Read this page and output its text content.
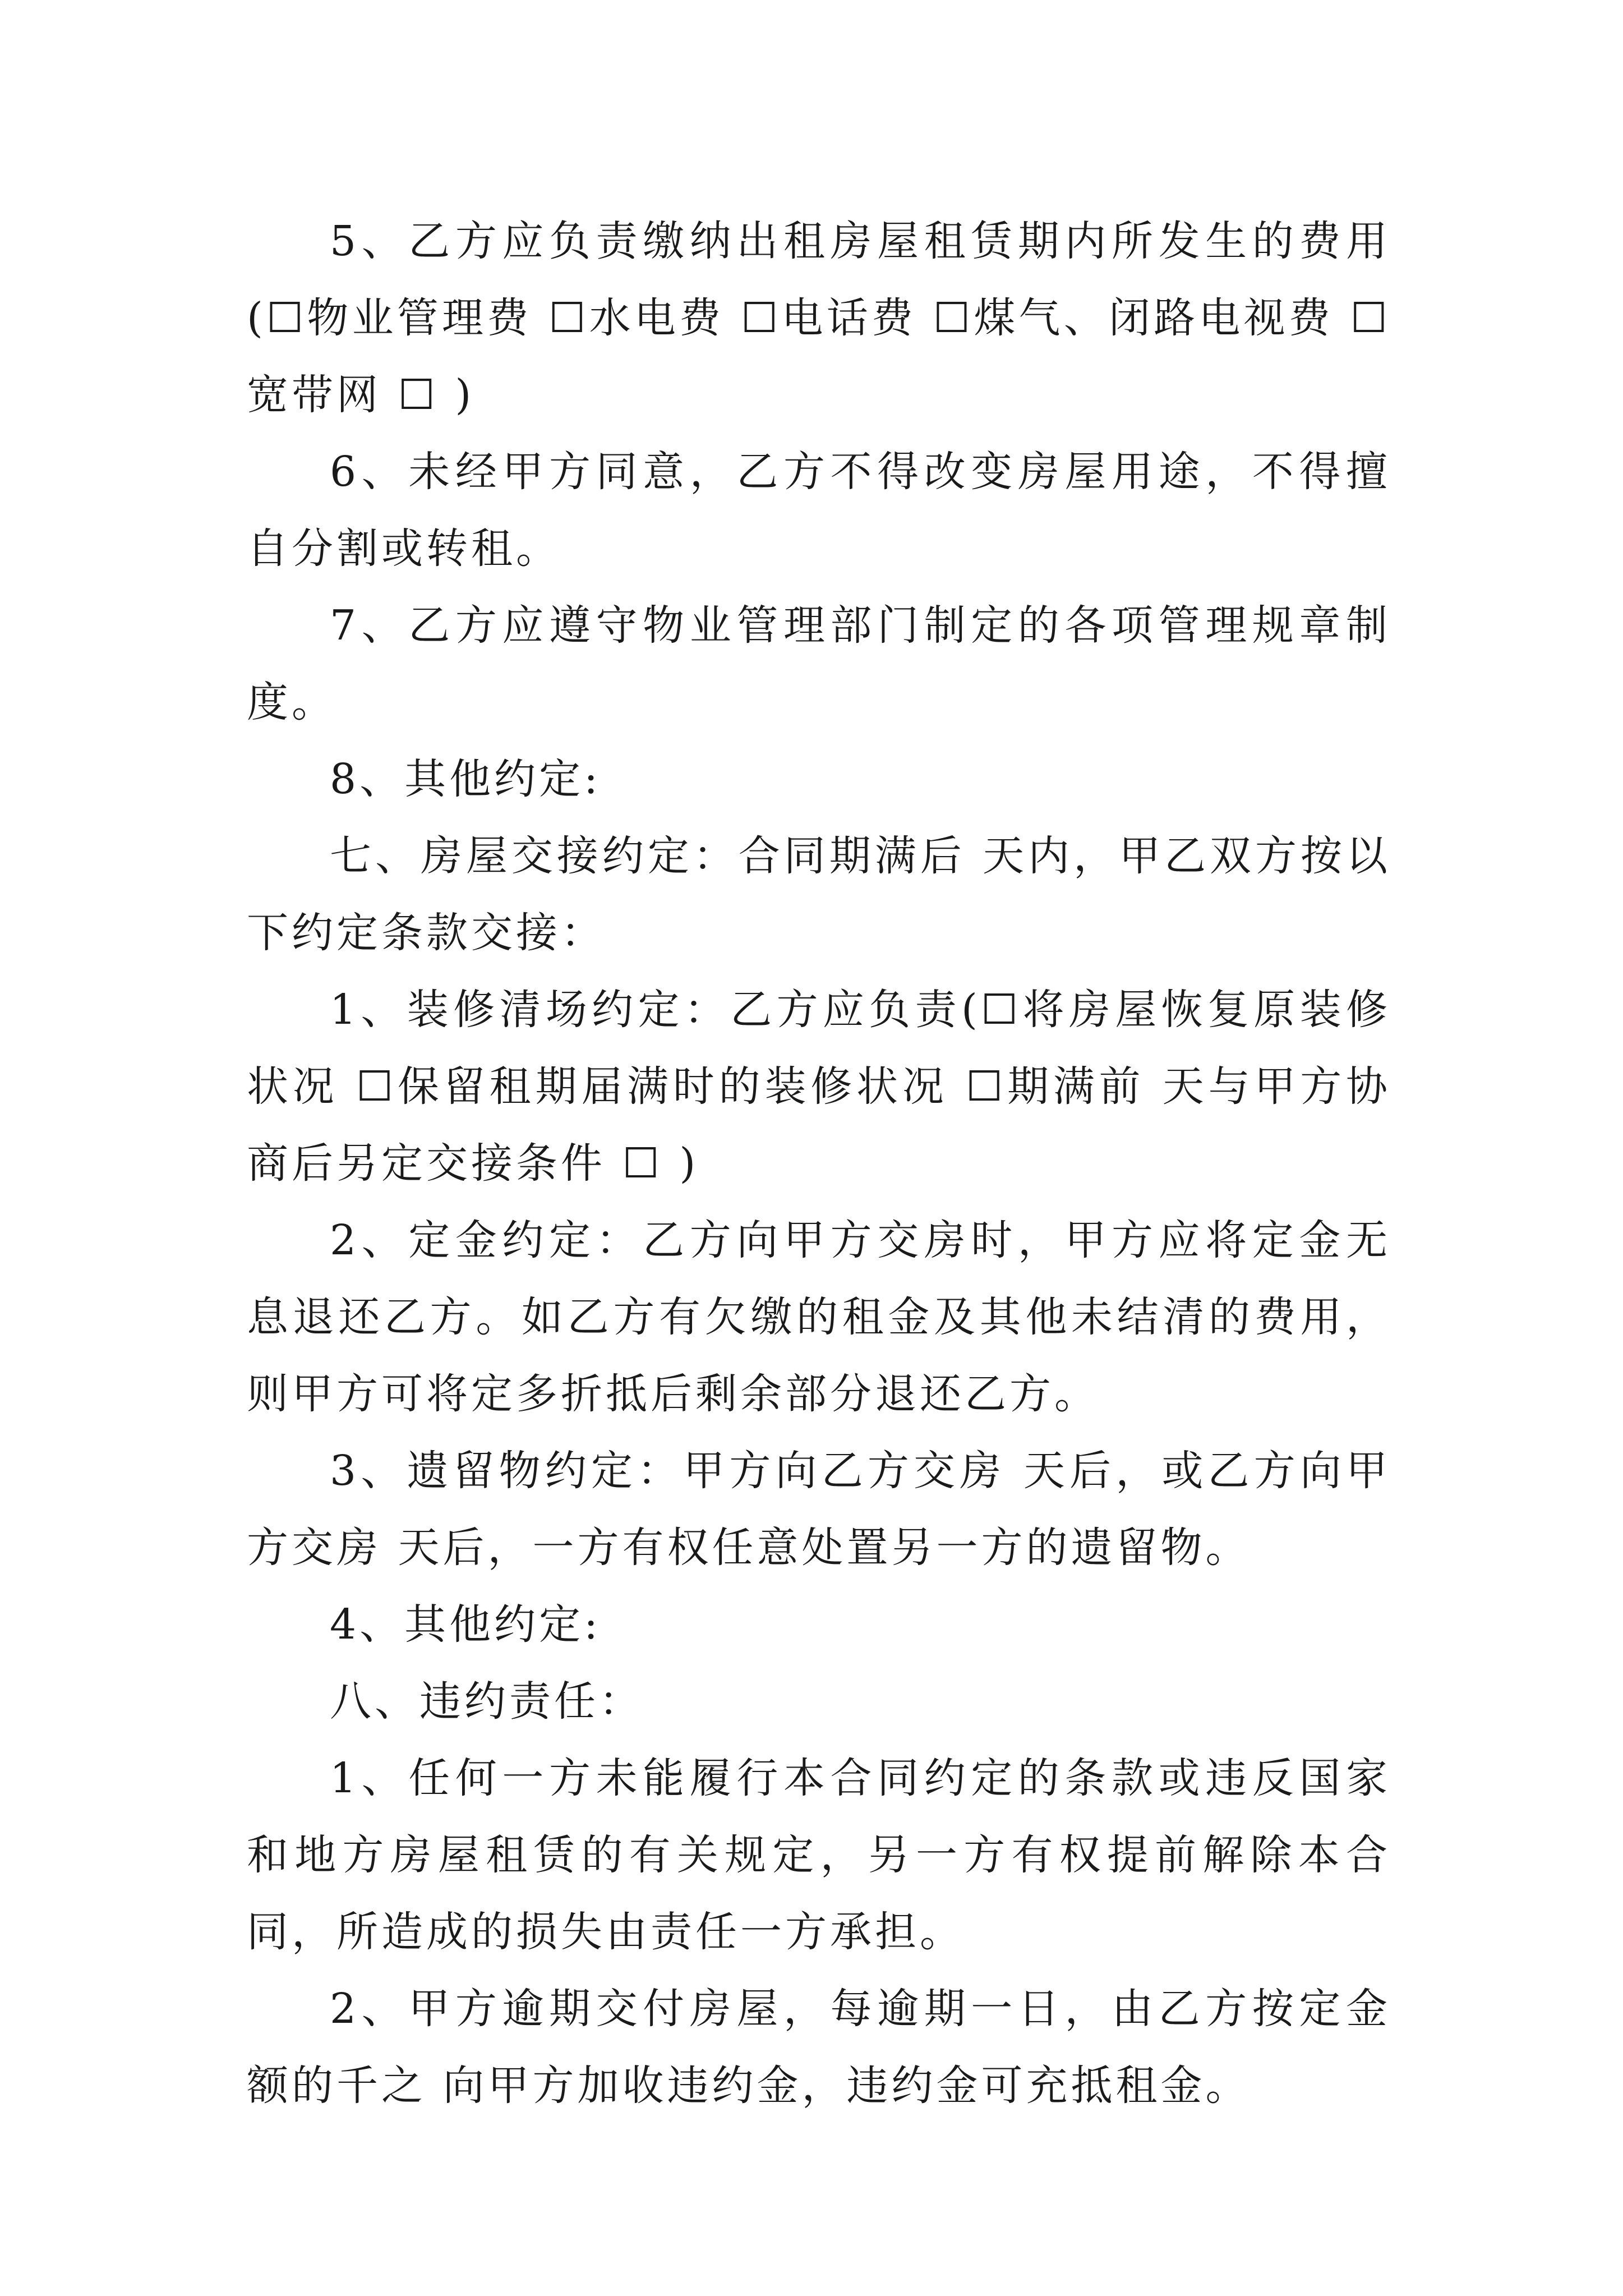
5、乙方应负责缴纳出租房屋租赁期内所发生的费用(☐物业管理费 ☐水电费 ☐电话费 ☐煤气、闭路电视费 ☐宽带网 ☐ )

6、未经甲方同意，乙方不得改变房屋用途，不得擅自分割或转租。

7、乙方应遵守物业管理部门制定的各项管理规章制度。

8、其他约定:

七、房屋交接约定：合同期满后 天内，甲乙双方按以下约定条款交接：

1、装修清场约定：乙方应负责(☐将房屋恢复原装修状况 ☐保留租期届满时的装修状况 ☐期满前 天与甲方协商后另定交接条件 ☐ )

2、定金约定：乙方向甲方交房时，甲方应将定金无息退还乙方。如乙方有欠缴的租金及其他未结清的费用，则甲方可将定多折抵后剩余部分退还乙方。

3、遗留物约定：甲方向乙方交房 天后，或乙方向甲方交房 天后，一方有权任意处置另一方的遗留物。

4、其他约定:

八、违约责任：

1、任何一方未能履行本合同约定的条款或违反国家和地方房屋租赁的有关规定，另一方有权提前解除本合同，所造成的损失由责任一方承担。

2、甲方逾期交付房屋，每逾期一日，由乙方按定金额的千之 向甲方加收违约金，违约金可充抵租金。
